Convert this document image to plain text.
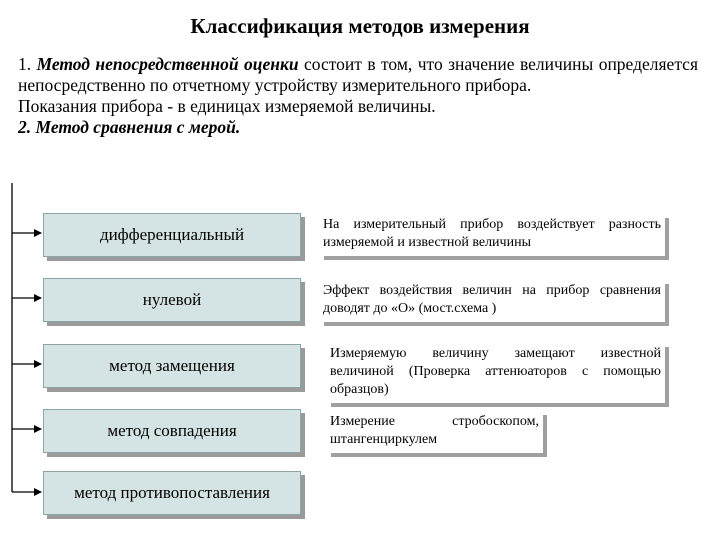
Классификация методов измерения
1. Метод непосредственной оценки состоит в том, что значение величины определяется непосредственно по отчетному устройству измерительного прибора.
Показания прибора - в единицах измеряемой величины.
2. Метод сравнения с мерой.
дифференциальный
нулевой
метод замещения
метод совпадения
метод противопоставления
На измерительный прибор воздействует разность измеряемой и известной величины
Эффект воздействия величин на прибор сравнения доводят до «О» (мост.схема )
Измеряемую величину замещают известной величиной (Проверка аттенюаторов с помощью образцов)
Измерение стробоскопом, штангенциркулем
